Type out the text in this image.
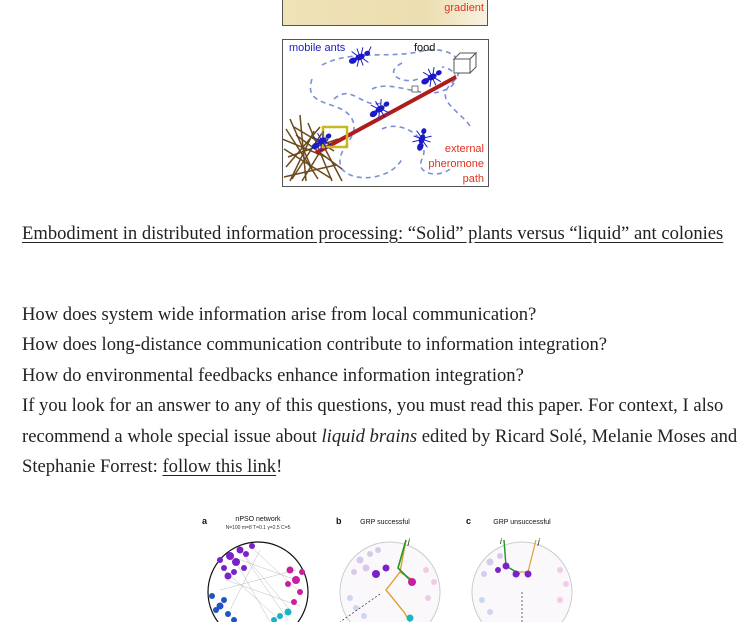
gradient
mobile ants	food
external
pheromone
path
Embodiment in distributed information processing: “Solid” plants versus “liquid” ant colonies

How does system wide information arise from local communication?

How does long-distance communication contribute to information integration?

How do environmental feedbacks enhance information integration?

If you look for an answer to any of this questions, you must read this paper. For context, I also recommend a whole special issue about liquid brains edited by Ricard Solé, Melanie Moses and Stephanie Forrest: follow this link!

a	nPSO network
N=100 m=8 T=0.1 γ=2.5 C=5
b	GRP successful	c	GRP unsuccessful
j	i	j
